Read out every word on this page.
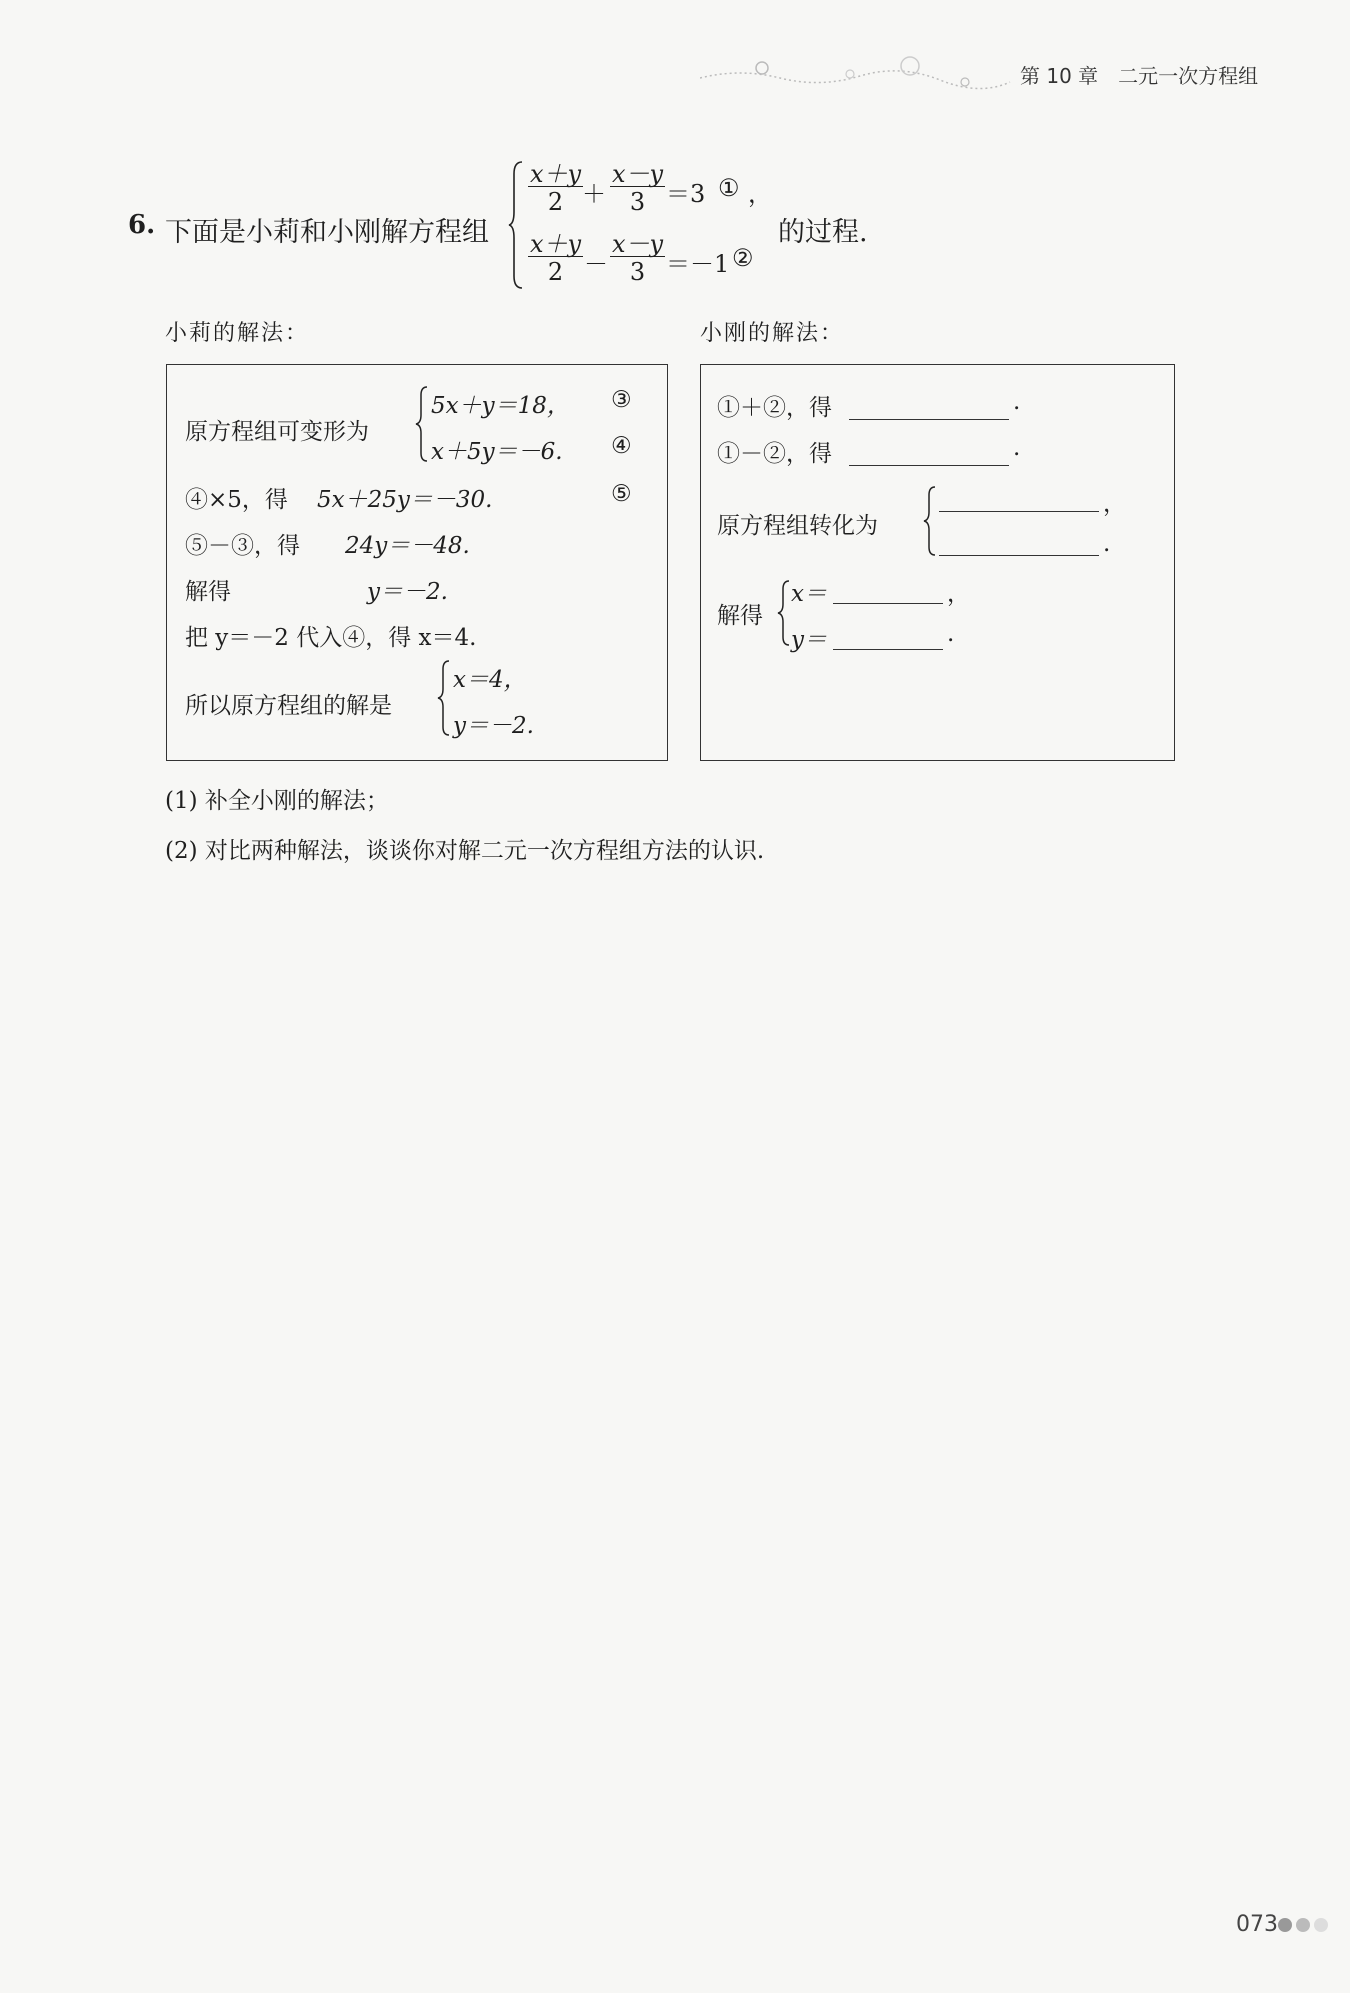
第 10 章 二元一次方程组
6. 下面是小莉和小刚解方程组
$\frac{x+y}{2}$
＋ $\frac{x-y}{3} =3$ ① ，
$\frac{x+y}{2} - \frac{x-y}{3} =-1$ ②
的过程.
小莉的解法：	小刚的解法：
原方程组可变形为
5x＋y＝18， ③
x＋5y＝－6. ④
④×5，得 5x＋25y＝－30.	⑤
⑤－③，得 24y＝－48.
解得	y＝－2.
把 y＝－2 代入④，得 x＝4.
所以原方程组的解是
x＝4，
y＝－2.
①＋②，得	.
①－②，得	.
原方程组转化为
，
.
解得
x＝	，
y＝	.
(1) 补全小刚的解法；
(2) 对比两种解法，谈谈你对解二元一次方程组方法的认识.
073
